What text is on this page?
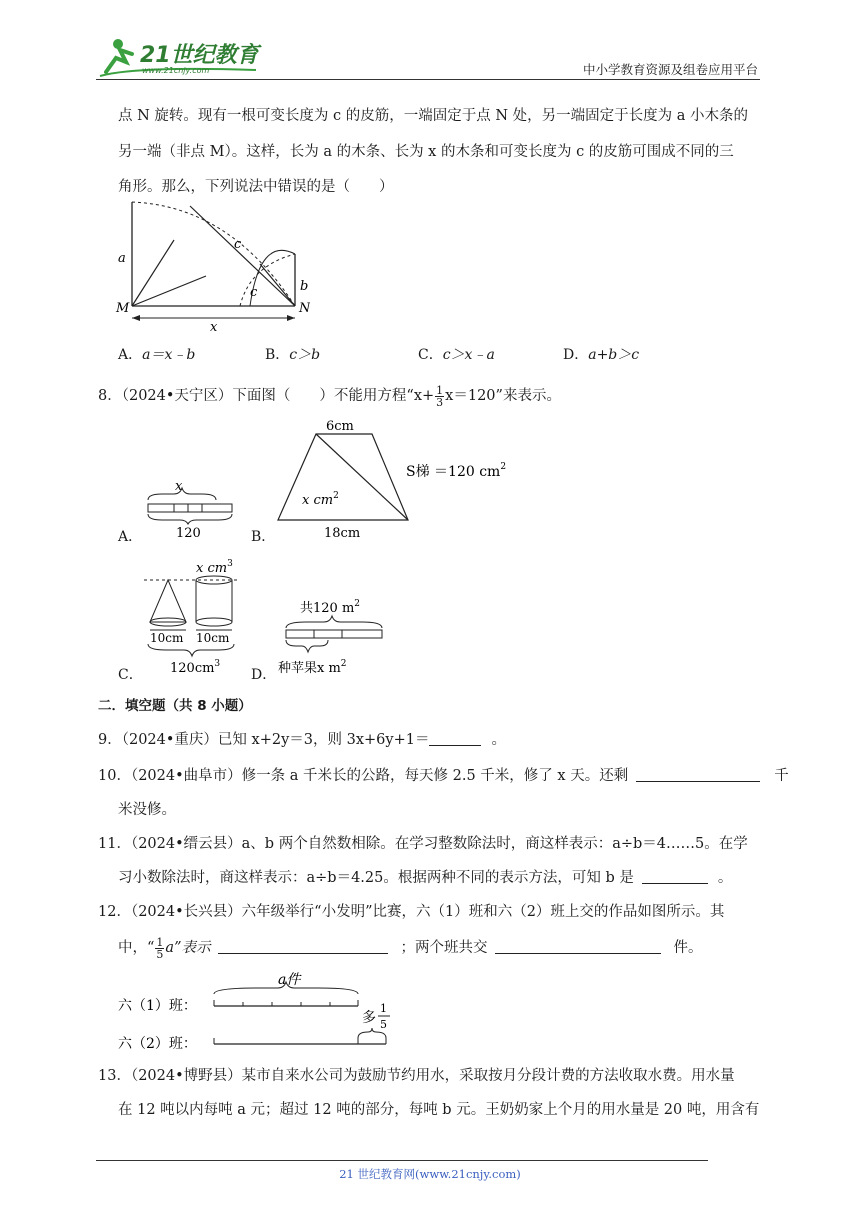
21世纪教育
www.21cnjy.com	中小学教育资源及组卷应用平台
点 N 旋转。现有一根可变长度为 c 的皮筋，一端固定于点 N 处，另一端固定于长度为 a 小木条的
另一端（非点 M）。这样，长为 a 的木条、长为 x 的木条和可变长度为 c 的皮筋可围成不同的三
角形。那么，下列说法中错误的是（　　）
a
b
c
c
M	N
x
A．a＝x﹣b	B．c＞b	C．c＞x﹣a	D．a+b＞c
8．（2024•天宁区）下面图（　　）不能用方程“$x+ \frac{1}{3} x=120$”来表示。
A．
x
120	B．
6cm
x $cm^2$
18cm
S梯 ＝120 $cm^2$
C．
x $cm^3$
10cm 10cm
$120cm^3$
D．
共120 $m^2$
种苹果x $m^2$
二．填空题（共 8 小题）
9．（2024•重庆）已知 x+2y＝3，则 3x+6y+1＝	。
10．（2024•曲阜市）修一条 a 千米长的公路，每天修 2.5 千米，修了 x 天。还剩	千
米没修。
11．（2024•缙云县）a、b 两个自然数相除。在学习整数除法时，商这样表示：a÷b＝4……5。在学
习小数除法时，商这样表示：a÷b＝4.25。根据两种不同的表示方法，可知 b 是	。
12．（2024•长兴县）六年级举行“小发明”比赛，六（1）班和六（2）班上交的作品如图所示。其
中，“ $\frac{1}{5} a$”表示	；两个班共交	件。
a件
六（1）班：
六（2）班：
多
1
5
13．（2024•博野县）某市自来水公司为鼓励节约用水，采取按月分段计费的方法收取水费。用水量
在 12 吨以内每吨 a 元；超过 12 吨的部分，每吨 b 元。王奶奶家上个月的用水量是 20 吨，用含有
21 世纪教育网(www.21cnjy.com)
